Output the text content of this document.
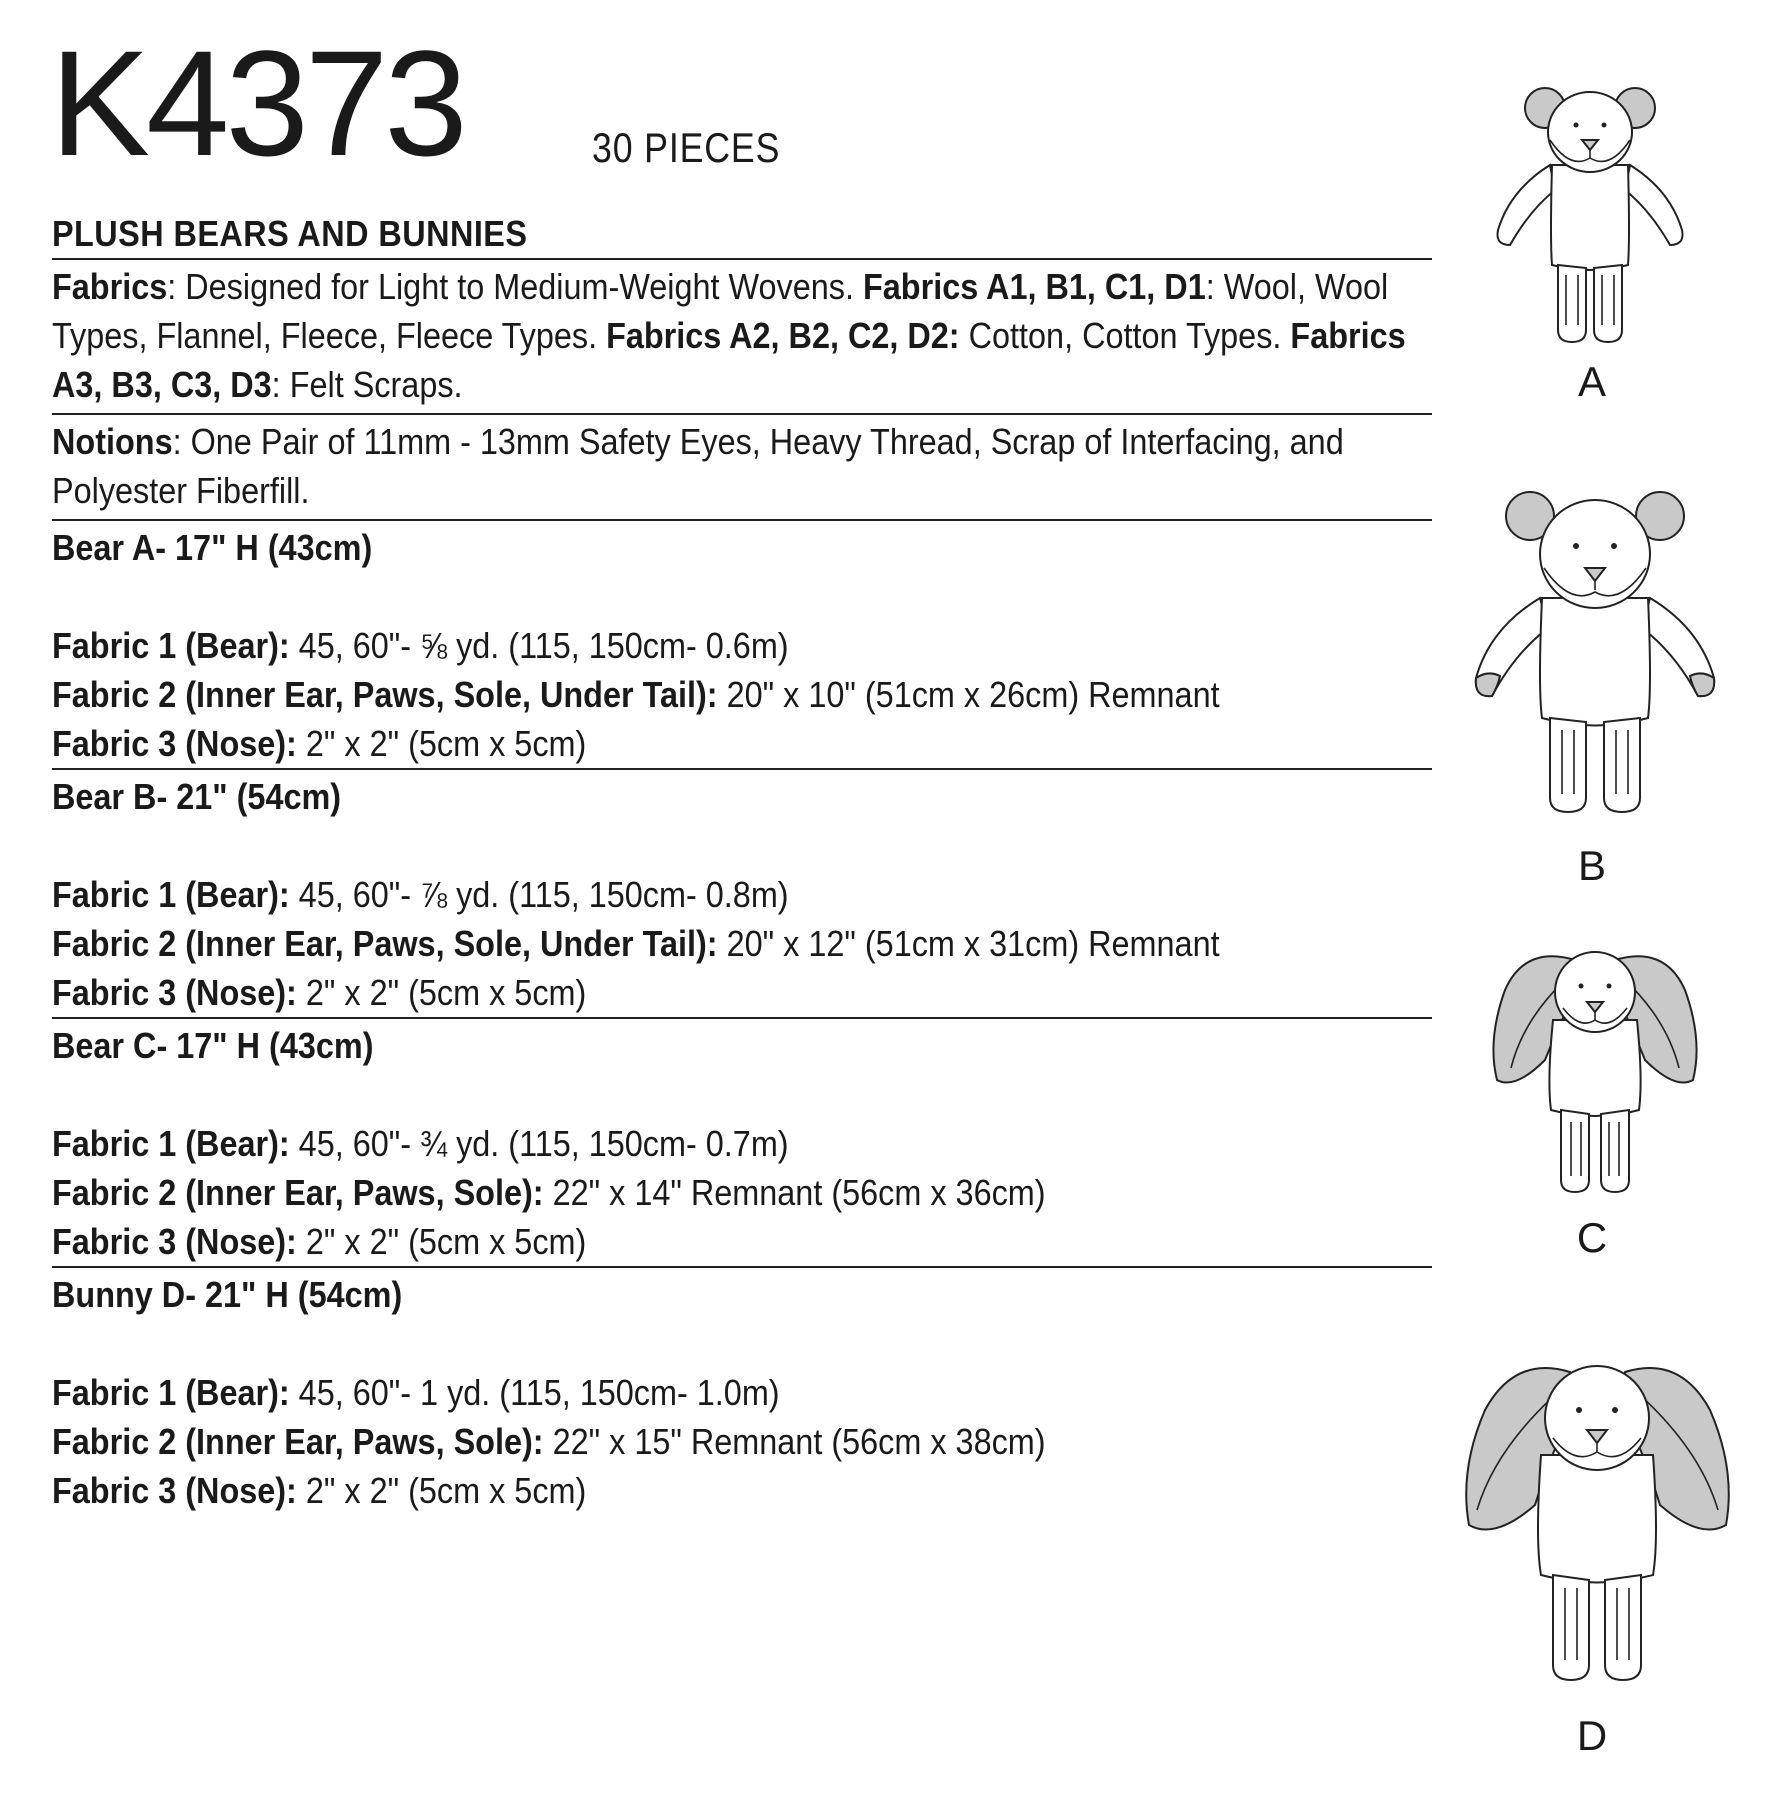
K4373	30 PIECES
PLUSH BEARS AND BUNNIES
Fabrics: Designed for Light to Medium-Weight Wovens. Fabrics A1, B1, C1, D1: Wool, Wool Types, Flannel, Fleece, Fleece Types. Fabrics A2, B2, C2, D2: Cotton, Cotton Types. Fabrics A3, B3, C3, D3: Felt Scraps.
Notions: One Pair of 11mm - 13mm Safety Eyes, Heavy Thread, Scrap of Interfacing, and Polyester Fiberfill.
Bear A- 17" H (43cm)
Fabric 1 (Bear): 45, 60"- ⅝ yd. (115, 150cm- 0.6m)
Fabric 2 (Inner Ear, Paws, Sole, Under Tail): 20" x 10" (51cm x 26cm) Remnant
Fabric 3 (Nose): 2" x 2" (5cm x 5cm)
Bear B- 21" (54cm)
Fabric 1 (Bear): 45, 60"- ⅞ yd. (115, 150cm- 0.8m)
Fabric 2 (Inner Ear, Paws, Sole, Under Tail): 20" x 12" (51cm x 31cm) Remnant
Fabric 3 (Nose): 2" x 2" (5cm x 5cm)
Bear C- 17" H (43cm)
Fabric 1 (Bear): 45, 60"- ¾ yd. (115, 150cm- 0.7m)
Fabric 2 (Inner Ear, Paws, Sole): 22" x 14" Remnant (56cm x 36cm)
Fabric 3 (Nose): 2" x 2" (5cm x 5cm)
Bunny D- 21" H (54cm)
Fabric 1 (Bear): 45, 60"- 1 yd. (115, 150cm- 1.0m)
Fabric 2 (Inner Ear, Paws, Sole): 22" x 15" Remnant (56cm x 38cm)
Fabric 3 (Nose): 2" x 2" (5cm x 5cm)
A
B
C
D
